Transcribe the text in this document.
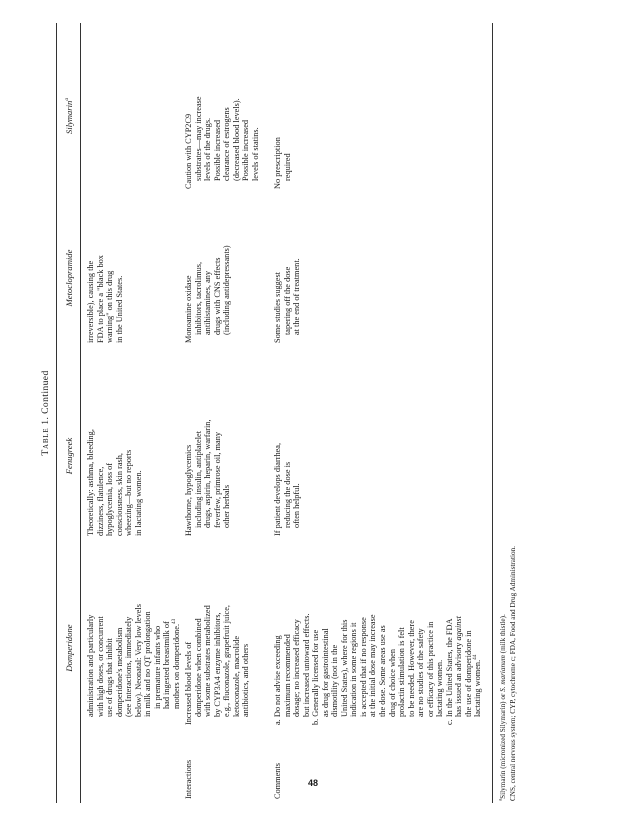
Table 1. Continued
Domperidone
Fenugreek
Metoclopramide
Silymarin$^a$
administration and particularly with high doses, or concurrent use of drugs that inhibit domperidone's metabolism (see Interactions, immediately below). Neonatal: Very low levels in milk and no QT prolongation in premature infants who had ingested breastmilk of mothers on domperidone.$^{43}$
Theoretically: asthma, bleeding, dizziness, flatulence, hypoglycemia, loss of consciousness, skin rash, wheezing—but no reports in lactating women.
irreversible), causing the FDA to place a "black box warning" on this drug in the United States.
Interactions
Increased blood levels of domperidone when combined with some substrates metabolized by CYP3A4 enzyme inhibitors, e.g., fluconazole, grapefruit juice, ketoconazole, macrolide antibiotics, and others
Hawthorne, hypoglycemics including insulin, antiplatelet drugs, aspirin, heparin, warfarin, feverfew, primrose oil, many other herbals
Monoamine oxidase inhibitors, tacrolimus, antihistamines, any drugs with CNS effects (including antidepressants)
Caution with CYP2C9 substrates—may increase levels of the drugs. Possible increased clearance of estrogens (decreased blood levels). Possible increased levels of statins.
Comments
a. Do not advise exceeding maximum recommended dosage; no increased efficacy but increased untoward effects. b. Generally licensed for use as drug for gastrointestinal dismotility (not in the United States), where for this indication in some regions it is accepted that if no response at the initial dose may increase the dose. Some areas use as drug of choice when prolactin stimulation is felt to be needed. However, there are no studies of the safety or efficacy of this practice in lactating women. c. In the United States, the FDA has issued an advisory against
the use of domperidone in lactating women.$^{44}$
If patient develops diarrhea, reducing the dose is often helpful.
Some studies suggest tapering off the dose at the end of treatment.
No prescription required
$^a$Silymarin (micronized Silymarin) or S. marianum (milk thistle). CNS, central nervous system; CYP, cytochrome c; FDA, Food and Drug Administration.
48
